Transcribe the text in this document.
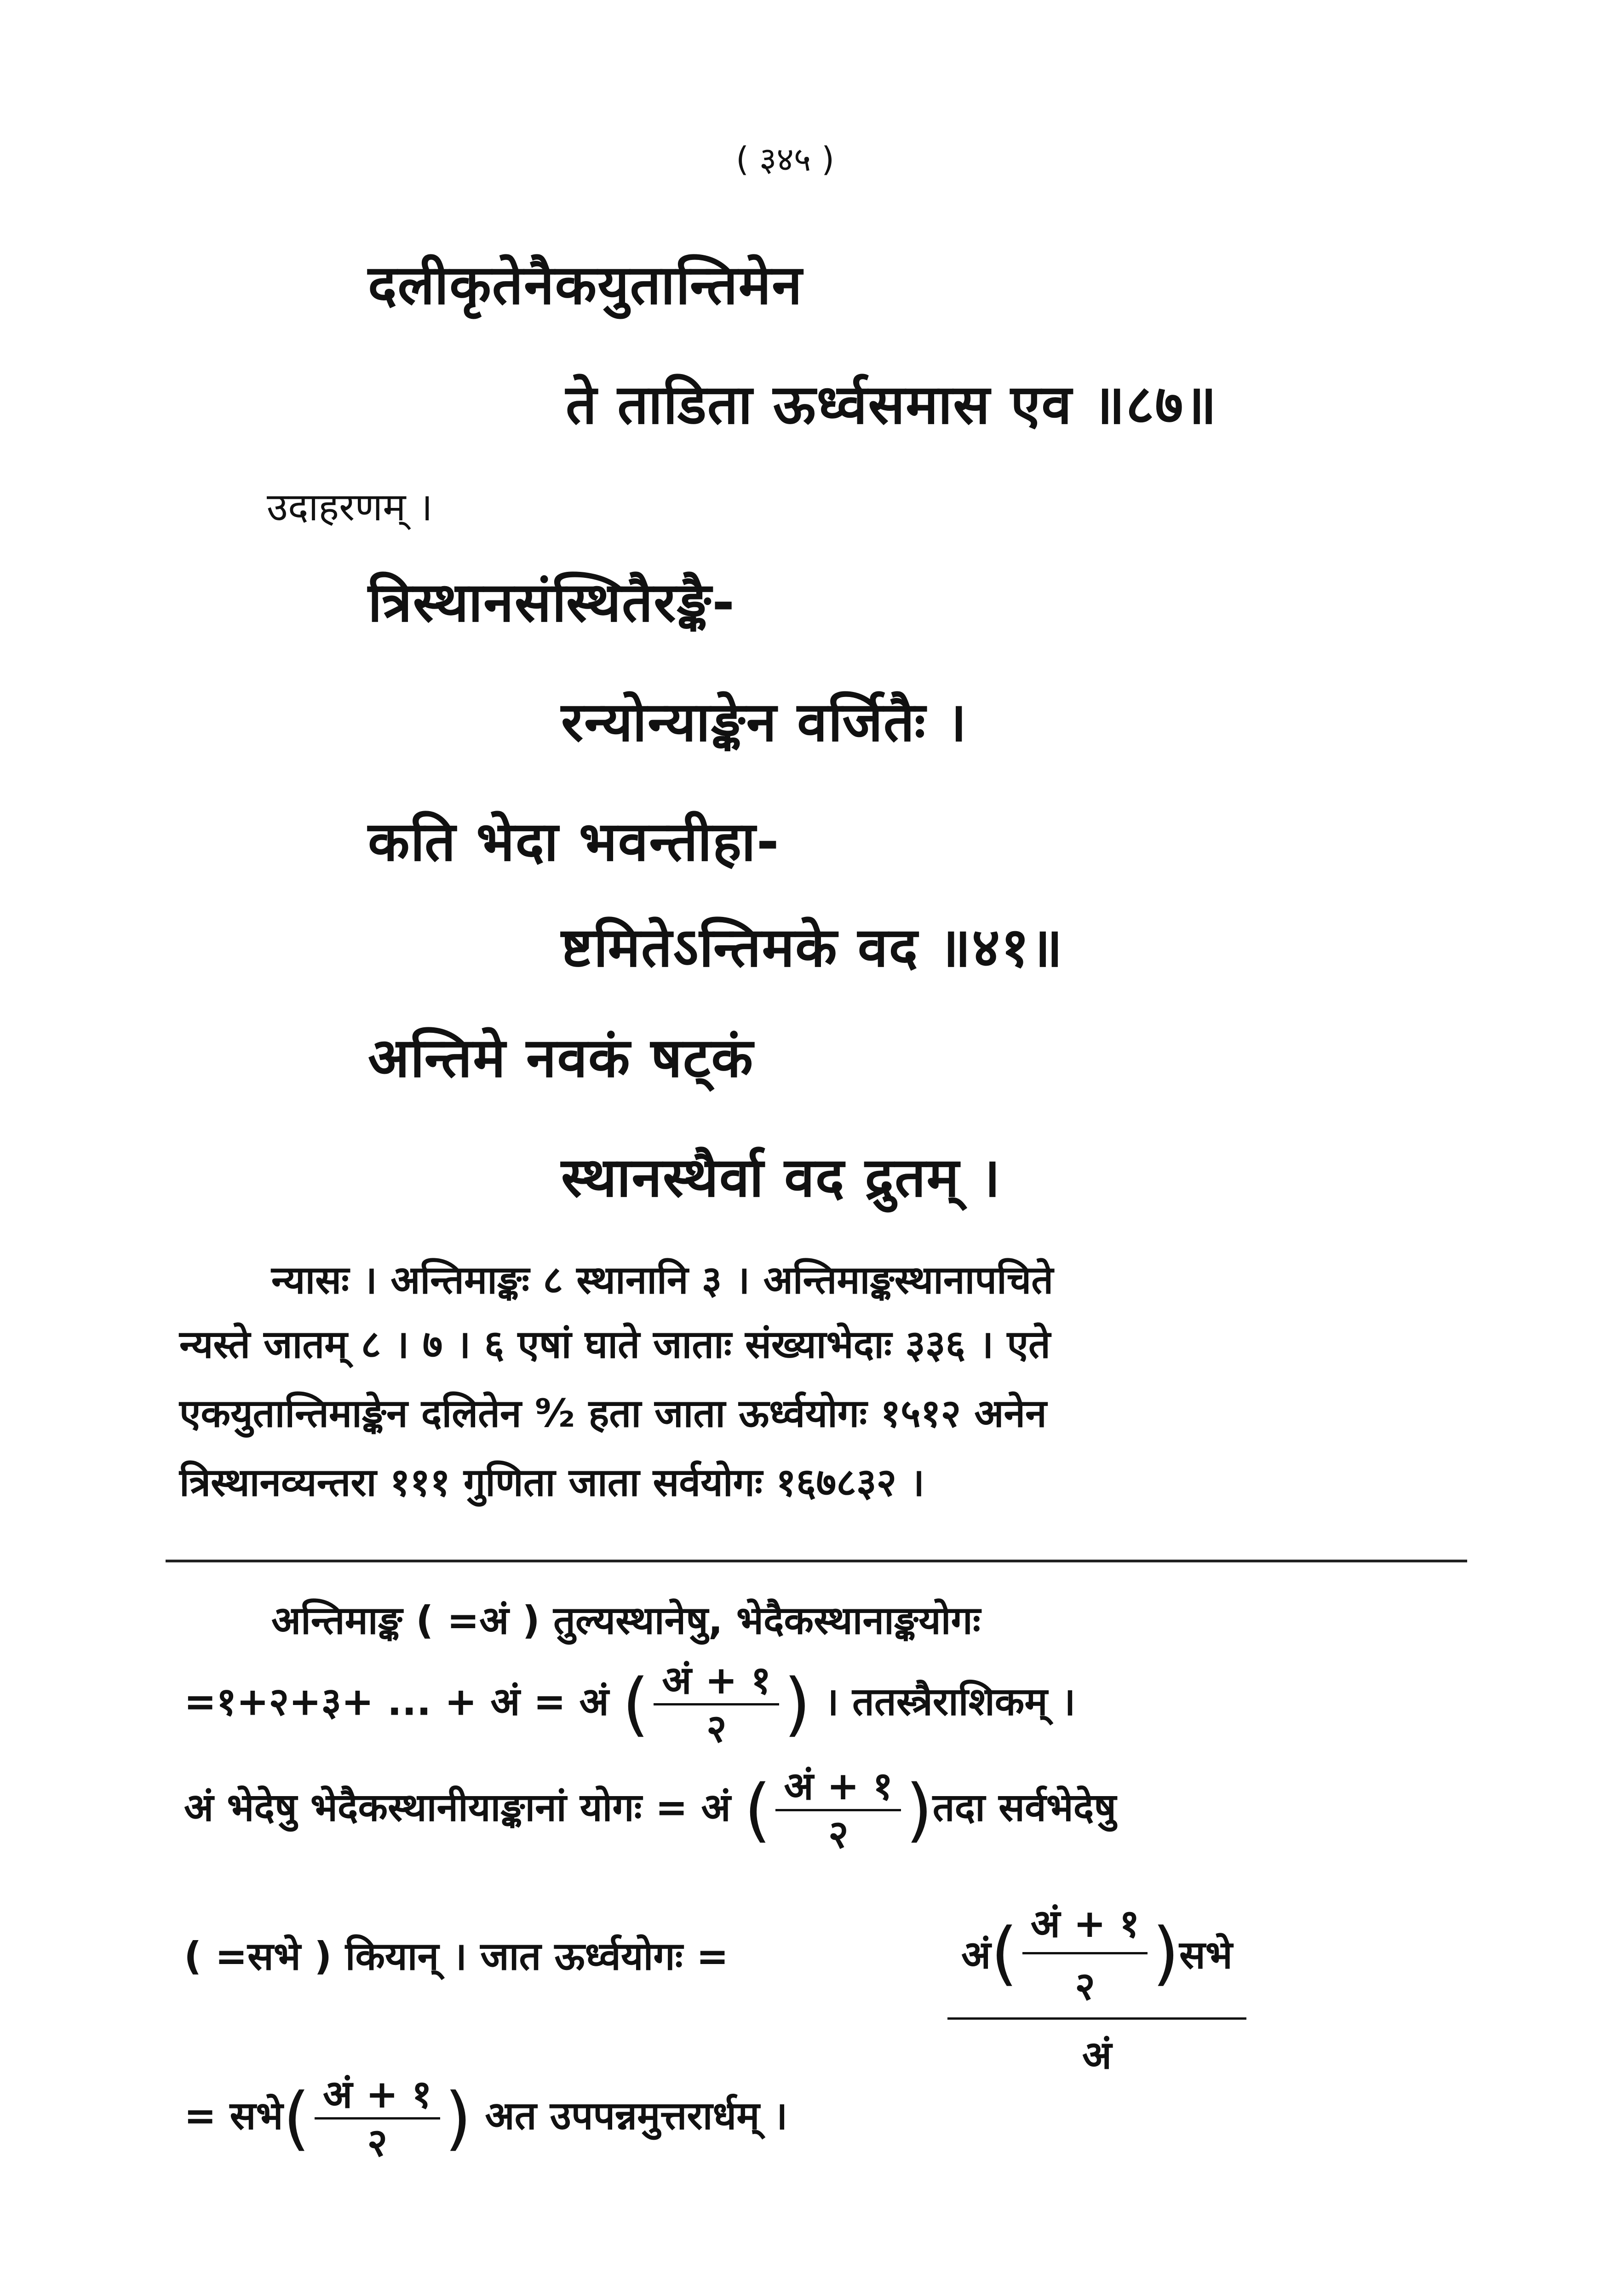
( ३४५ )
दलीकृतेनैकयुतान्तिमेन
ते ताडिता ऊर्ध्वसमास एव ॥८७॥
उदाहरणम् ।
त्रिस्थानसंस्थितैरङ्कै-
रन्योन्याङ्केन वर्जितैः ।
कति भेदा भवन्तीहा-
ष्टमितेऽन्तिमके वद ॥४१॥
अन्तिमे नवकं षट्कं
स्थानस्थैर्वा वद द्रुतम् ।
न्यासः । अन्तिमाङ्कः ८ स्थानानि ३ । अन्तिमाङ्कस्थानापचिते
न्यस्ते जातम् ८ । ७ । ६ एषां घाते जाताः संख्याभेदाः ३३६ । एते
एकयुतान्तिमाङ्केन दलितेन ⁹⁄₂ हता जाता ऊर्ध्वयोगः १५१२ अनेन
त्रिस्थानव्यन्तरा १११ गुणिता जाता सर्वयोगः १६७८३२ ।
अन्तिमाङ्क ( =अं ) तुल्यस्थानेषु, भेदैकस्थानाङ्कयोगः
=१+२+३+ ... + अं = अं ( $\frac{\text{अं + १}}{२}$ ) । ततस्त्रैराशिकम् ।
अं भेदेषु भेदैकस्थानीयाङ्कानां योगः = अं ( $\frac{\text{अं + १}}{२}$ )तदा सर्वभेदेषु
( =सभे ) कियान् । जात ऊर्ध्वयोगः =	अं ( $\frac{\text{अं + १}}{२}$ ) सभे
अं
= सभे( $\frac{\text{अं + १}}{२}$ ) अत उपपन्नमुत्तरार्धम् ।
